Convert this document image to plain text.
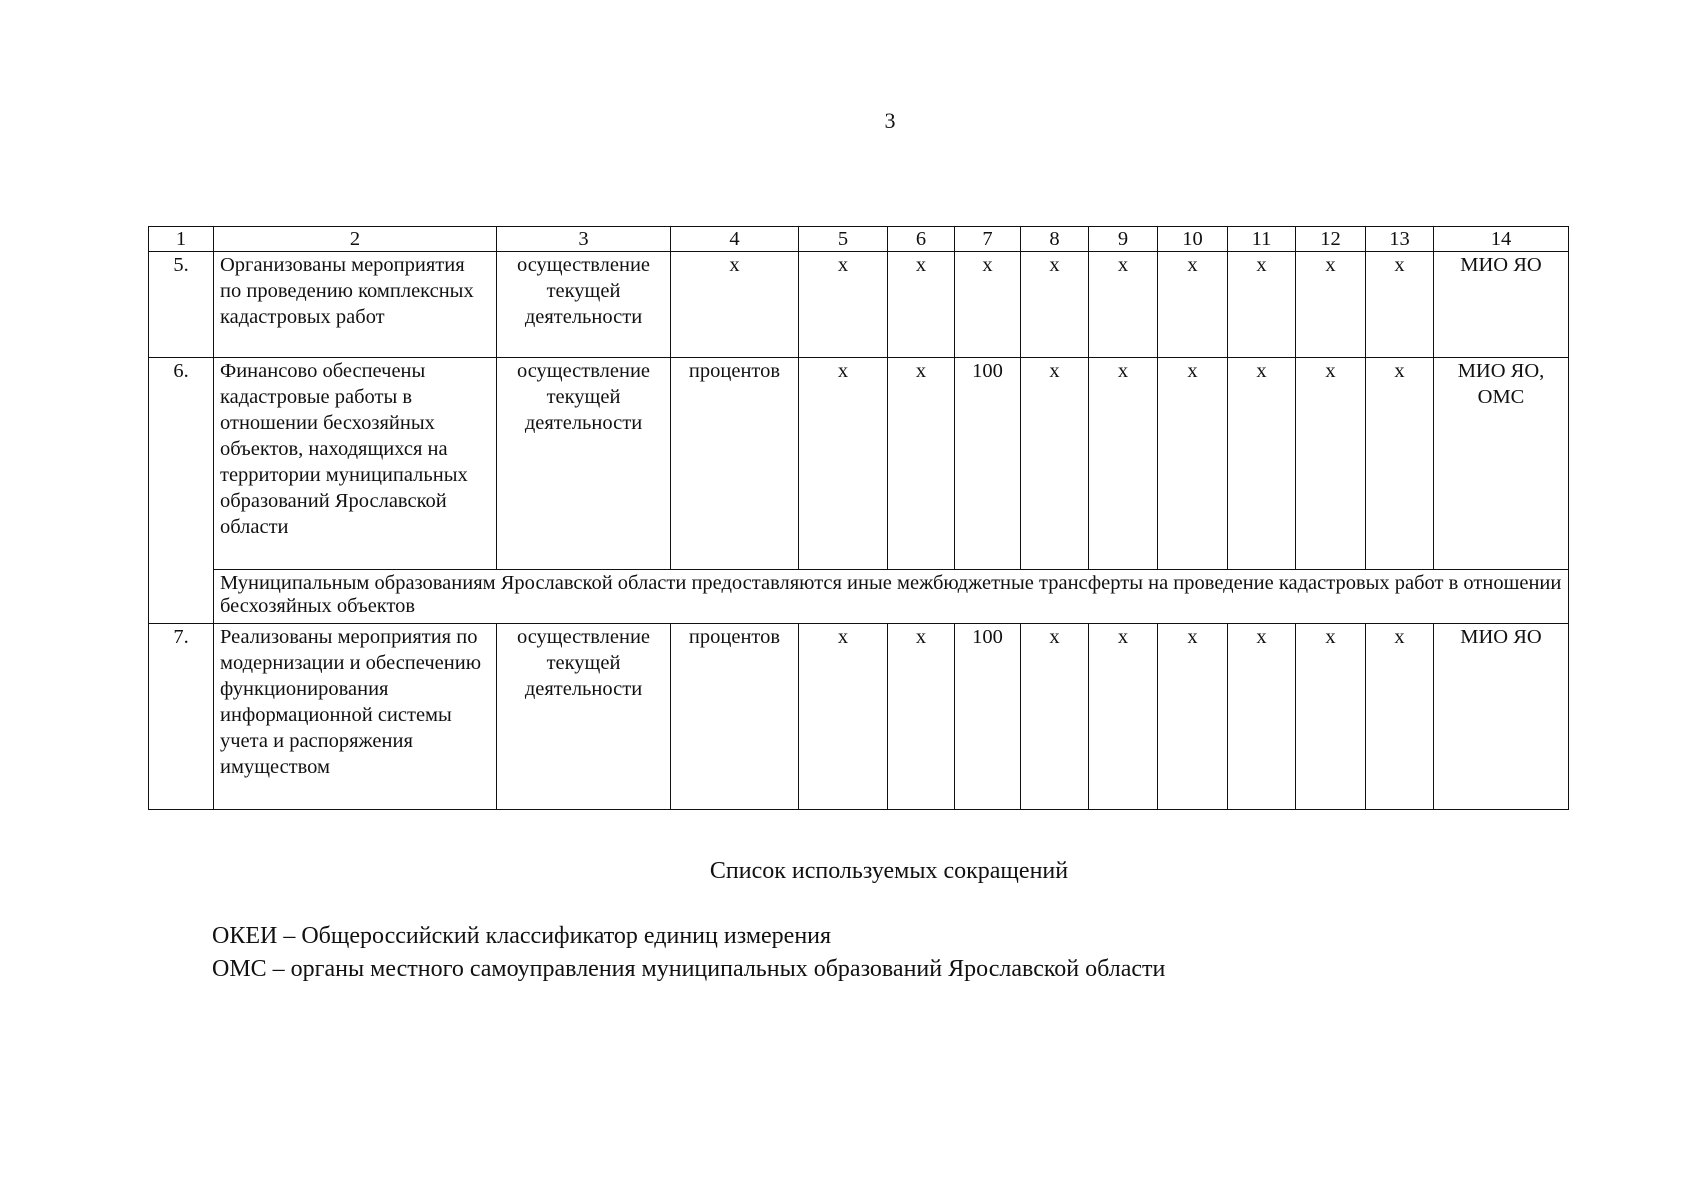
3
1	2	3	4	5	6	7	8	9	10	11	12	13	14
5.	Организованы мероприятия по проведению комплексных кадастровых работ	осуществление текущей деятельности	х	х	х	х	х	х	х	х	х	х	МИО ЯО
6.	Финансово обеспечены кадастровые работы в отношении бесхозяйных объектов, находящихся на территории муниципальных образований Ярославской области	осуществление текущей деятельности	процентов	х	х	100	х	х	х	х	х	х	МИО ЯО, ОМС
	Муниципальным образованиям Ярославской области предоставляются иные межбюджетные трансферты на проведение кадастровых работ в отношении бесхозяйных объектов												
7.	Реализованы мероприятия по модернизации и обеспечению функционирования информационной системы учета и распоряжения имуществом	осуществление текущей деятельности	процентов	х	х	100	х	х	х	х	х	х	МИО ЯО
Список используемых сокращений
ОКЕИ – Общероссийский классификатор единиц измерения
ОМС – органы местного самоуправления муниципальных образований Ярославской области
